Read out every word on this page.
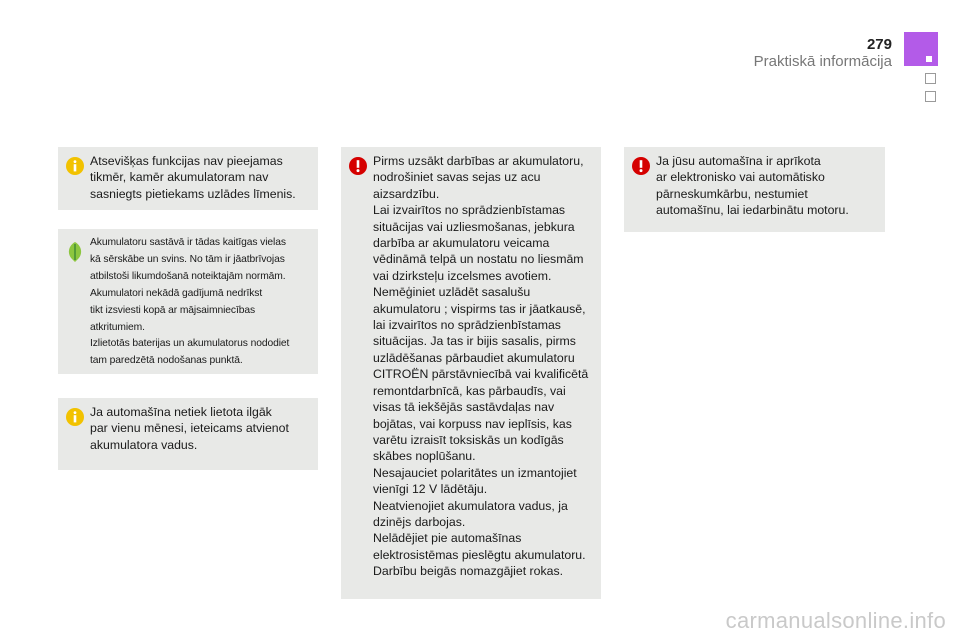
279
Praktiskā informācija
Atsevišķas funkcijas nav pieejamas
tikmēr, kamēr akumulatoram nav
sasniegts pietiekams uzlādes līmenis.
Akumulatoru sastāvā ir tādas kaitīgas vielas
kā sērskābe un svins. No tām ir jāatbrīvojas
atbilstoši likumdošanā noteiktajām normām.
Akumulatori nekādā gadījumā nedrīkst
tikt izsviesti kopā ar mājsaimniecības
atkritumiem.
Izlietotās baterijas un akumulatorus nododiet
tam paredzētā nodošanas punktā.
Ja automašīna netiek lietota ilgāk
par vienu mēnesi, ieteicams atvienot
akumulatora vadus.
Pirms uzsākt darbības ar akumulatoru,
nodrošiniet savas sejas uz acu
aizsardzību.
Lai izvairītos no sprādzienbīstamas
situācijas vai uzliesmošanas, jebkura
darbība ar akumulatoru veicama
vēdināmā telpā un nostatu no liesmām
vai dzirksteļu izcelsmes avotiem.
Nemēģiniet uzlādēt sasalušu
akumulatoru ; vispirms tas ir jāatkausē,
lai izvairītos no sprādzienbīstamas
situācijas. Ja tas ir bijis sasalis, pirms
uzlādēšanas pārbaudiet akumulatoru
CITROËN pārstāvniecībā vai kvalificētā
remontdarbnīcā, kas pārbaudīs, vai
visas tā iekšējās sastāvdaļas nav
bojātas, vai korpuss nav ieplīsis, kas
varētu izraisīt toksiskās un kodīgās
skābes noplūšanu.
Nesajauciet polaritātes un izmantojiet
vienīgi 12 V lādētāju.
Neatvienojiet akumulatora vadus, ja
dzinējs darbojas.
Nelādējiet pie automašīnas
elektrosistēmas pieslēgtu akumulatoru.
Darbību beigās nomazgājiet rokas.
Ja jūsu automašīna ir aprīkota
ar elektronisko vai automātisko
pārneskumkārbu, nestumiet
automašīnu, lai iedarbinātu motoru.
carmanualsonline.info
